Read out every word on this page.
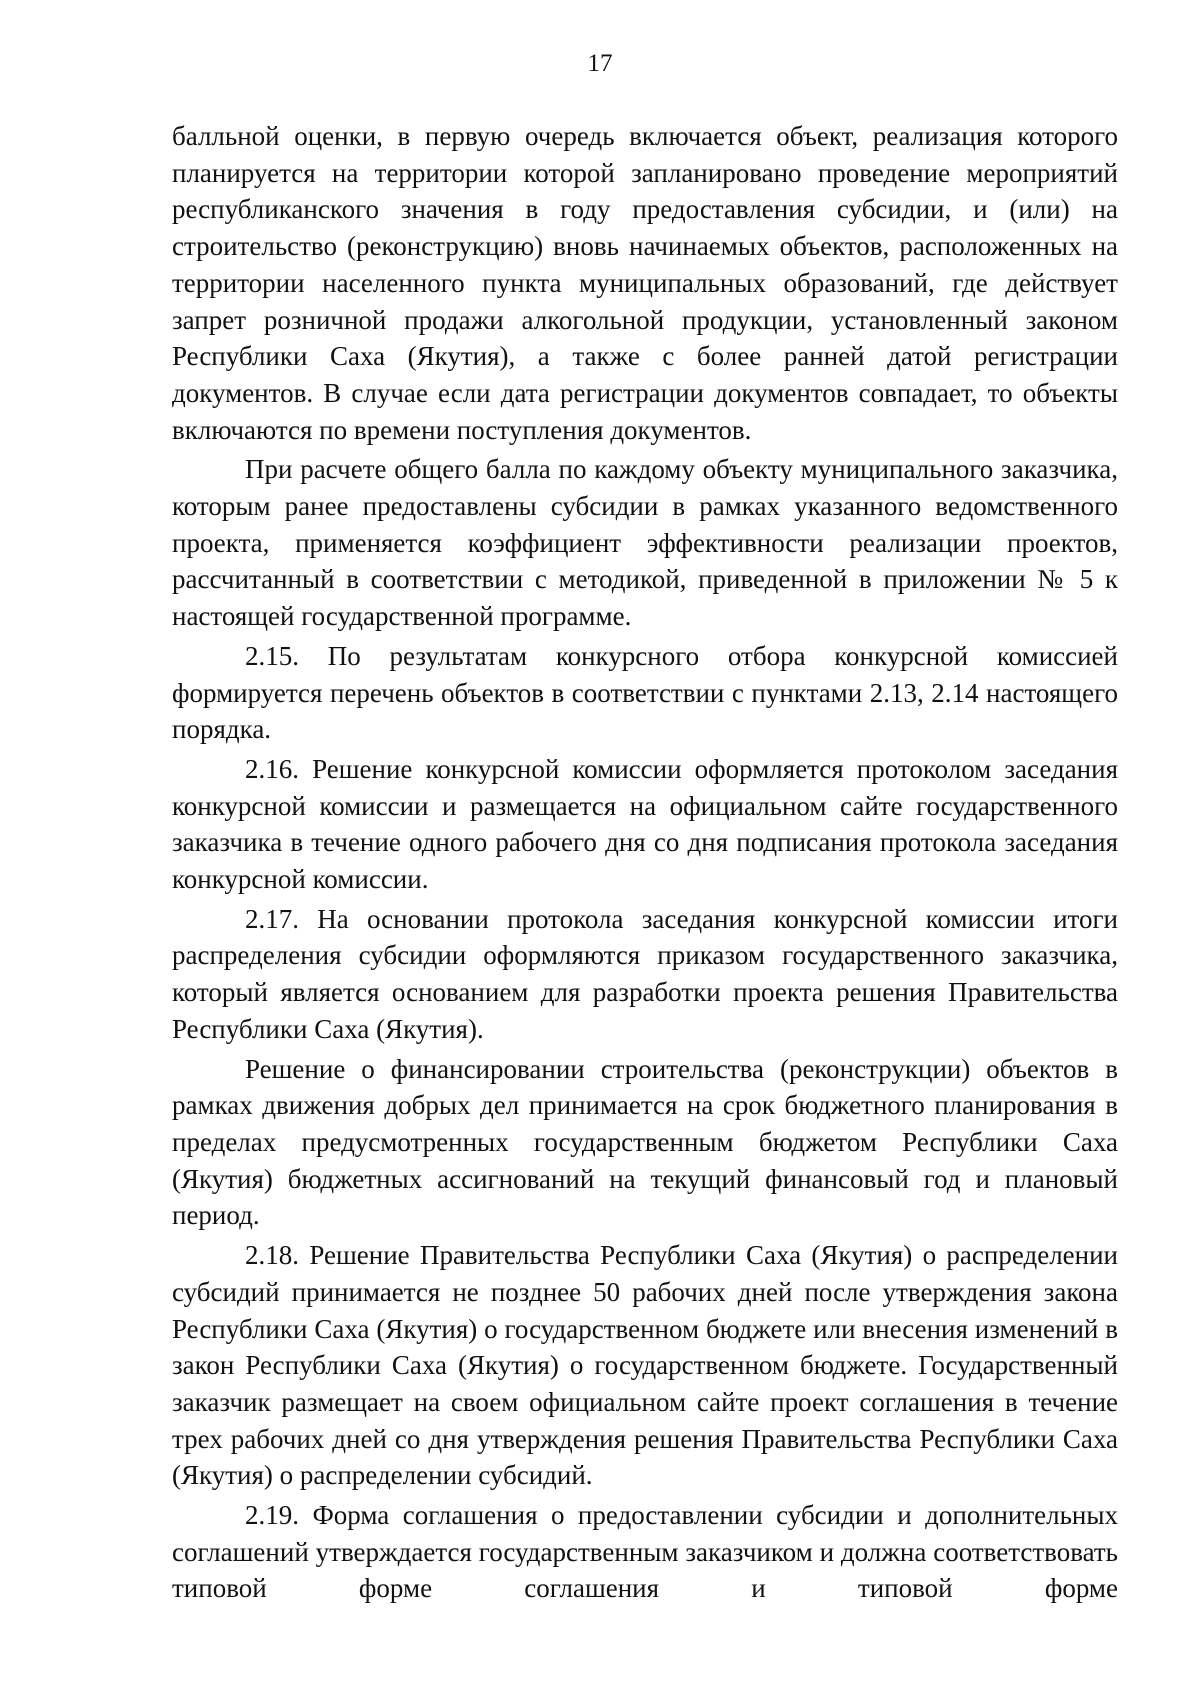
17

балльной оценки, в первую очередь включается объект, реализация которого планируется на территории которой запланировано проведение мероприятий республиканского значения в году предоставления субсидии, и (или) на строительство (реконструкцию) вновь начинаемых объектов, расположенных на территории населенного пункта муниципальных образований, где действует запрет розничной продажи алкогольной продукции, установленный законом Республики Саха (Якутия), а также с более ранней датой регистрации документов. В случае если дата регистрации документов совпадает, то объекты включаются по времени поступления документов.

При расчете общего балла по каждому объекту муниципального заказчика, которым ранее предоставлены субсидии в рамках указанного ведомственного проекта, применяется коэффициент эффективности реализации проектов, рассчитанный в соответствии с методикой, приведенной в приложении № 5 к настоящей государственной программе.

2.15. По результатам конкурсного отбора конкурсной комиссией формируется перечень объектов в соответствии с пунктами 2.13, 2.14 настоящего порядка.

2.16. Решение конкурсной комиссии оформляется протоколом заседания конкурсной комиссии и размещается на официальном сайте государственного заказчика в течение одного рабочего дня со дня подписания протокола заседания конкурсной комиссии.

2.17. На основании протокола заседания конкурсной комиссии итоги распределения субсидии оформляются приказом государственного заказчика, который является основанием для разработки проекта решения Правительства Республики Саха (Якутия).

Решение о финансировании строительства (реконструкции) объектов в рамках движения добрых дел принимается на срок бюджетного планирования в пределах предусмотренных государственным бюджетом Республики Саха (Якутия) бюджетных ассигнований на текущий финансовый год и плановый период.

2.18. Решение Правительства Республики Саха (Якутия) о распределении субсидий принимается не позднее 50 рабочих дней после утверждения закона Республики Саха (Якутия) о государственном бюджете или внесения изменений в закон Республики Саха (Якутия) о государственном бюджете. Государственный заказчик размещает на своем официальном сайте проект соглашения в течение трех рабочих дней со дня утверждения решения Правительства Республики Саха (Якутия) о распределении субсидий.

2.19. Форма соглашения о предоставлении субсидии и дополнительных соглашений утверждается государственным заказчиком и должна соответствовать типовой форме соглашения и типовой форме
